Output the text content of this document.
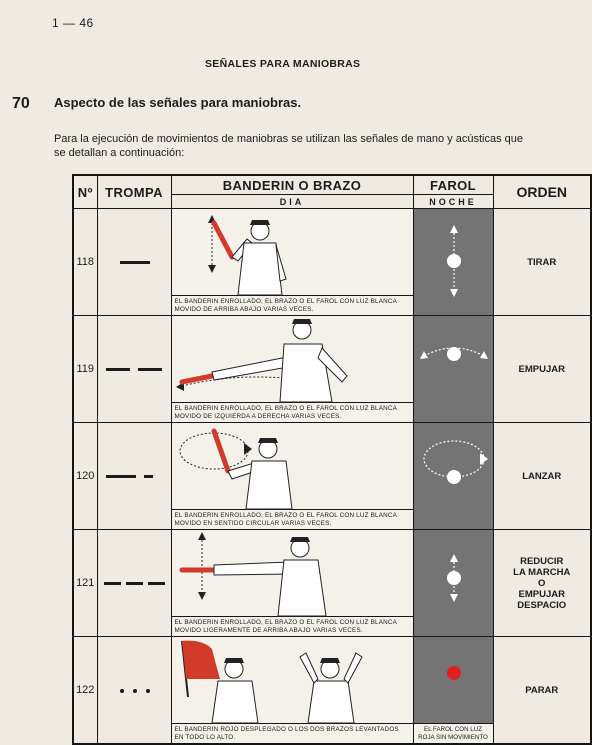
1 — 46
SEÑALES PARA MANIOBRAS
70 Aspecto de las señales para maniobras.
Para la ejecución de movimientos de maniobras se utilizan las señales de mano y acústicas que se detallan a continuación:
Nº	TROMPA	BANDERIN O BRAZO	FAROL	ORDEN
		DIA	NOCHE	
118				TIRAR
		EL BANDERIN ENROLLADO, EL BRAZO O EL FAROL CON LUZ BLANCA MOVIDO DE ARRIBA ABAJO VARIAS VECES.		
119				EMPUJAR
		EL BANDERIN ENROLLADO, EL BRAZO O EL FAROL CON LUZ BLANCA MOVIDO DE IZQUIERDA A DERECHA VARIAS VECES.		
120				LANZAR
		EL BANDERIN ENROLLADO, EL BRAZO O EL FAROL CON LUZ BLANCA MOVIDO EN SENTIDO CIRCULAR VARIAS VECES.		
121				REDUCIR
LA MARCHA
O
EMPUJAR
DESPACIO

		EL BANDERIN ENROLLADO, EL BRAZO O EL FAROL CON LUZ BLANCA MOVIDO LIGERAMENTE DE ARRIBA ABAJO VARIAS VECES.		
122				PARAR
		EL BANDERIN ROJO DESPLEGADO O LOS DOS BRAZOS LEVANTADOS EN TODO LO ALTO.	EL FAROL CON LUZ ROJA SIN MOVIMIENTO	
